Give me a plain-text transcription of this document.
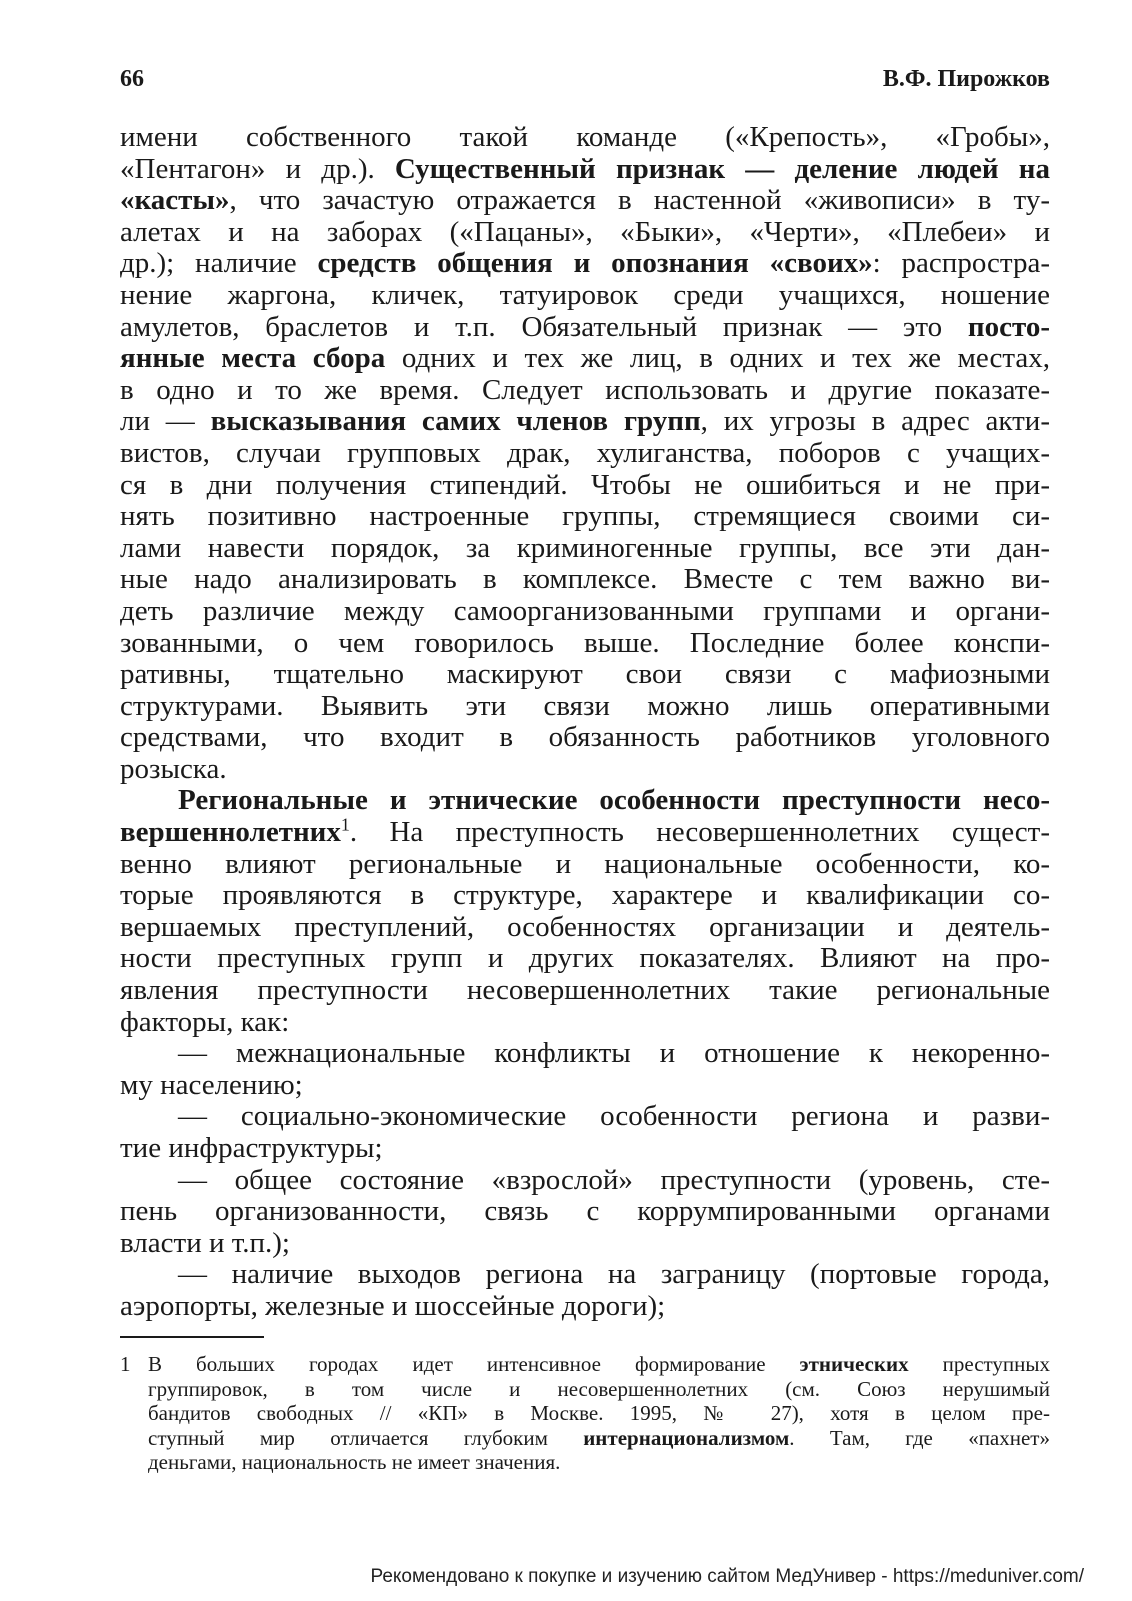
66	В.Ф. Пирожков
имени собственного такой команде («Крепость», «Гробы»,
«Пентагон» и др.). Существенный признак — деление людей на
«касты», что зачастую отражается в настенной «живописи» в ту-
алетах и на заборах («Пацаны», «Быки», «Черти», «Плебеи» и
др.); наличие средств общения и опознания «своих»: распростра-
нение жаргона, кличек, татуировок среди учащихся, ношение
амулетов, браслетов и т.п. Обязательный признак — это посто-
янные места сбора одних и тех же лиц, в одних и тех же местах,
в одно и то же время. Следует использовать и другие показате-
ли — высказывания самих членов групп, их угрозы в адрес акти-
вистов, случаи групповых драк, хулиганства, поборов с учащих-
ся в дни получения стипендий. Чтобы не ошибиться и не при-
нять позитивно настроенные группы, стремящиеся своими си-
лами навести порядок, за криминогенные группы, все эти дан-
ные надо анализировать в комплексе. Вместе с тем важно ви-
деть различие между самоорганизованными группами и органи-
зованными, о чем говорилось выше. Последние более конспи-
ративны, тщательно маскируют свои связи с мафиозными
структурами. Выявить эти связи можно лишь оперативными
средствами, что входит в обязанность работников уголовного
розыска.
Региональные и этнические особенности преступности несо-
вершеннолетних$^1$. На преступность несовершеннолетних сущест-
венно влияют региональные и национальные особенности, ко-
торые проявляются в структуре, характере и квалификации со-
вершаемых преступлений, особенностях организации и деятель-
ности преступных групп и других показателях. Влияют на про-
явления преступности несовершеннолетних такие региональные
факторы, как:
— межнациональные конфликты и отношение к некоренно-
му населению;
— социально-экономические особенности региона и разви-
тие инфраструктуры;
— общее состояние «взрослой» преступности (уровень, сте-
пень организованности, связь с коррумпированными органами
власти и т.п.);
— наличие выходов региона на заграницу (портовые города,
аэропорты, железные и шоссейные дороги);
1 В больших городах идет интенсивное формирование этнических преступных
группировок, в том числе и несовершеннолетних (см. Союз нерушимый
бандитов свободных // «КП» в Москве. 1995, № 27), хотя в целом пре-
ступный мир отличается глубоким интернационализмом. Там, где «пахнет»
деньгами, национальность не имеет значения.
Рекомендовано к покупке и изучению сайтом МедУнивер - https://meduniver.com/
